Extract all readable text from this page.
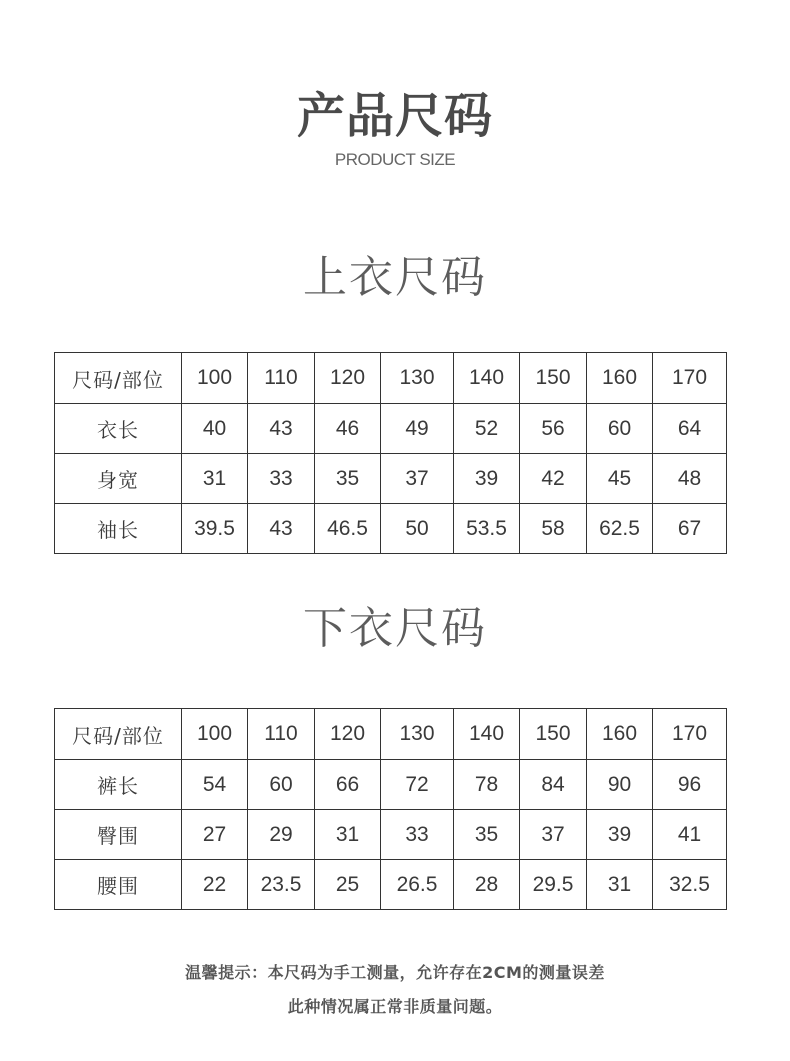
产品尺码
PRODUCT SIZE
上衣尺码
尺码/部位	100	110	120	130	140	150	160	170
衣长	40	43	46	49	52	56	60	64
身宽	31	33	35	37	39	42	45	48
袖长	39.5	43	46.5	50	53.5	58	62.5	67
下衣尺码
尺码/部位	100	110	120	130	140	150	160	170
裤长	54	60	66	72	78	84	90	96
臀围	27	29	31	33	35	37	39	41
腰围	22	23.5	25	26.5	28	29.5	31	32.5
温馨提示：本尺码为手工测量，允许存在2CM的测量误差
此种情况属正常非质量问题。
